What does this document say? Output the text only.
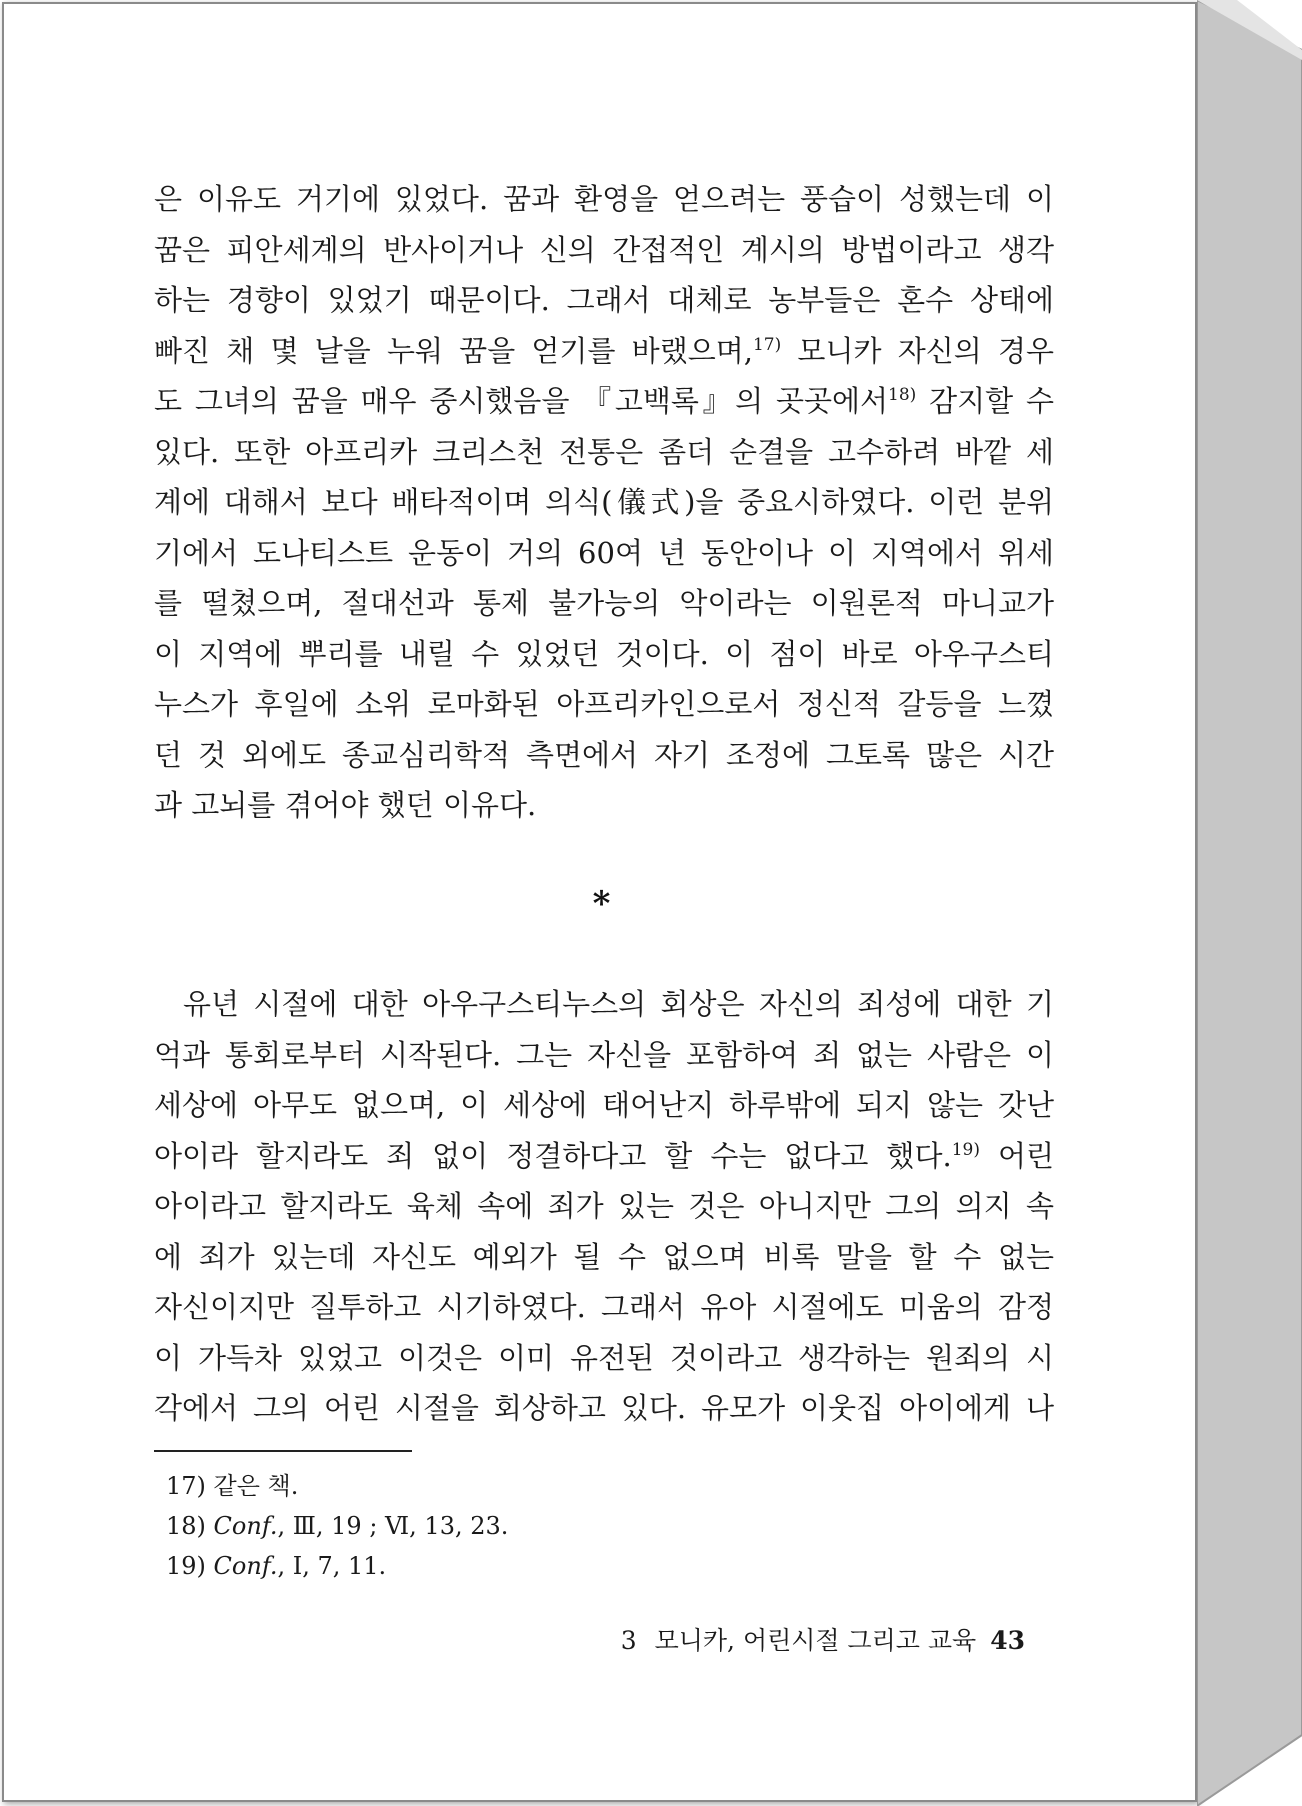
은 이유도 거기에 있었다. 꿈과 환영을 얻으려는 풍습이 성했는데 이
꿈은 피안세계의 반사이거나 신의 간접적인 계시의 방법이라고 생각
하는 경향이 있었기 때문이다. 그래서 대체로 농부들은 혼수 상태에
빠진 채 몇 날을 누워 꿈을 얻기를 바랬으며,$^{17)}$ 모니카 자신의 경우
도 그녀의 꿈을 매우 중시했음을 『고백록』의 곳곳에서$^{18)}$ 감지할 수
있다. 또한 아프리카 크리스천 전통은 좀더 순결을 고수하려 바깥 세
계에 대해서 보다 배타적이며 의식(儀式)을 중요시하였다. 이런 분위
기에서 도나티스트 운동이 거의 60여 년 동안이나 이 지역에서 위세
를 떨쳤으며, 절대선과 통제 불가능의 악이라는 이원론적 마니교가
이 지역에 뿌리를 내릴 수 있었던 것이다. 이 점이 바로 아우구스티
누스가 후일에 소위 로마화된 아프리카인으로서 정신적 갈등을 느꼈
던 것 외에도 종교심리학적 측면에서 자기 조정에 그토록 많은 시간
과 고뇌를 겪어야 했던 이유다.
*
유년 시절에 대한 아우구스티누스의 회상은 자신의 죄성에 대한 기
억과 통회로부터 시작된다. 그는 자신을 포함하여 죄 없는 사람은 이
세상에 아무도 없으며, 이 세상에 태어난지 하루밖에 되지 않는 갓난
아이라 할지라도 죄 없이 정결하다고 할 수는 없다고 했다.$^{19)}$ 어린
아이라고 할지라도 육체 속에 죄가 있는 것은 아니지만 그의 의지 속
에 죄가 있는데 자신도 예외가 될 수 없으며 비록 말을 할 수 없는
자신이지만 질투하고 시기하였다. 그래서 유아 시절에도 미움의 감정
이 가득차 있었고 이것은 이미 유전된 것이라고 생각하는 원죄의 시
각에서 그의 어린 시절을 회상하고 있다. 유모가 이웃집 아이에게 나
17) 같은 책.
18) Conf., Ⅲ, 19 ; Ⅵ, 13, 23.
19) Conf., Ⅰ, 7, 11.
3 모니카, 어린시절 그리고 교육 43
